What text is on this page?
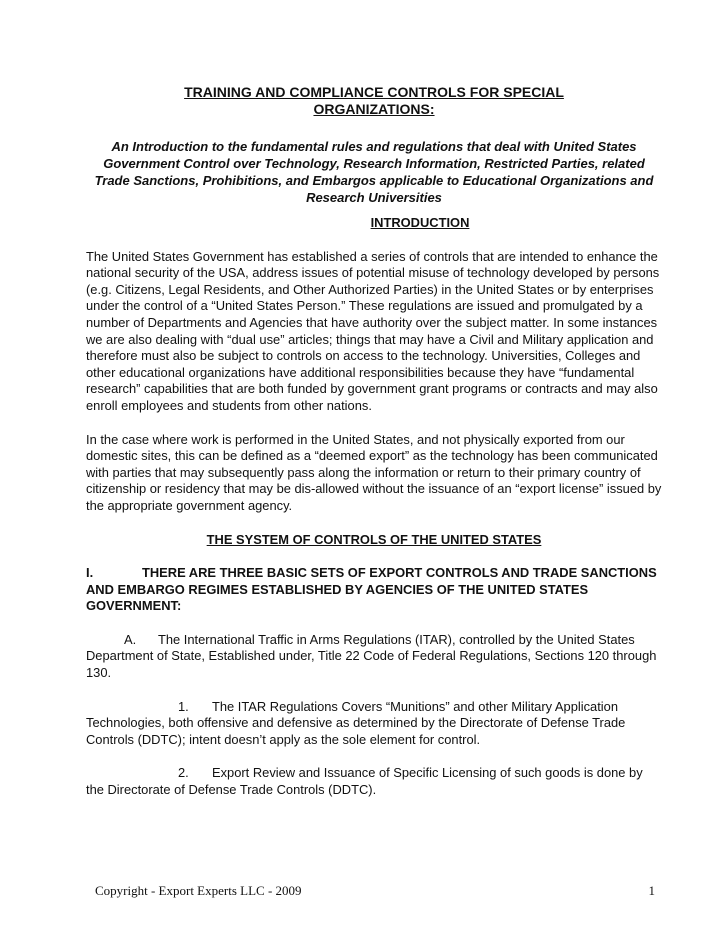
TRAINING AND COMPLIANCE CONTROLS FOR SPECIAL ORGANIZATIONS:
An Introduction to the fundamental rules and regulations that deal with United States Government Control over Technology, Research Information, Restricted Parties, related Trade Sanctions, Prohibitions, and Embargos applicable to Educational Organizations and Research Universities
INTRODUCTION

The United States Government has established a series of controls that are intended to enhance the national security of the USA, address issues of potential misuse of technology developed by persons (e.g. Citizens, Legal Residents, and Other Authorized Parties) in the United States or by enterprises under the control of a “United States Person.” These regulations are issued and promulgated by a number of Departments and Agencies that have authority over the subject matter. In some instances we are also dealing with “dual use” articles; things that may have a Civil and Military application and therefore must also be subject to controls on access to the technology. Universities, Colleges and other educational organizations have additional responsibilities because they have “fundamental research” capabilities that are both funded by government grant programs or contracts and may also enroll employees and students from other nations.

In the case where work is performed in the United States, and not physically exported from our domestic sites, this can be defined as a “deemed export” as the technology has been communicated with parties that may subsequently pass along the information or return to their primary country of citizenship or residency that may be dis-allowed without the issuance of an “export license” issued by the appropriate government agency.

THE SYSTEM OF CONTROLS OF THE UNITED STATES
I.	THERE ARE THREE BASIC SETS OF EXPORT CONTROLS AND TRADE SANCTIONS AND EMBARGO REGIMES ESTABLISHED BY AGENCIES OF THE UNITED STATES GOVERNMENT:
A. The International Traffic in Arms Regulations (ITAR), controlled by the United States Department of State, Established under, Title 22 Code of Federal Regulations, Sections 120 through 130.
1. The ITAR Regulations Covers “Munitions” and other Military Application Technologies, both offensive and defensive as determined by the Directorate of Defense Trade Controls (DDTC); intent doesn’t apply as the sole element for control.
2. Export Review and Issuance of Specific Licensing of such goods is done by the Directorate of Defense Trade Controls (DDTC).
Copyright - Export Experts LLC - 2009	1
